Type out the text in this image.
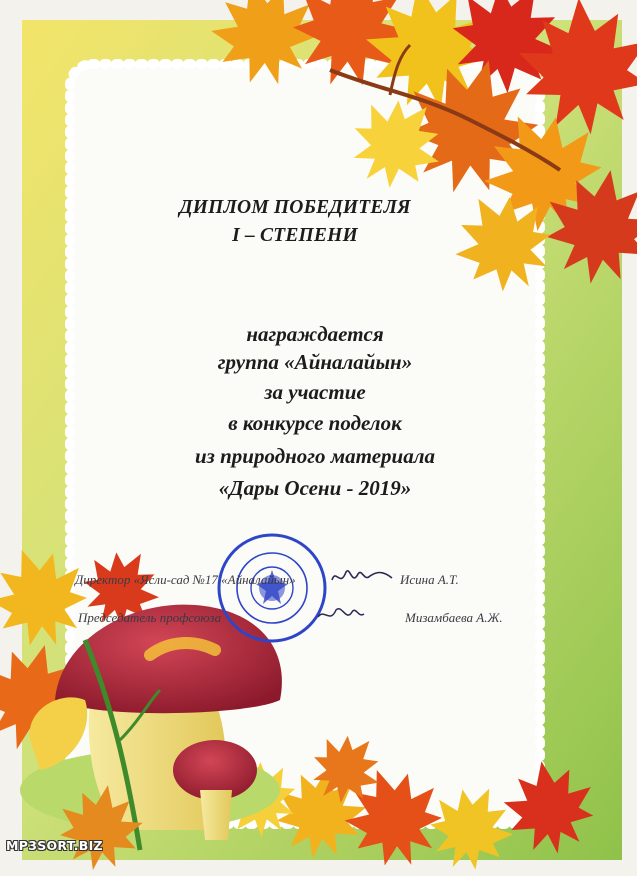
ДИПЛОМ ПОБЕДИТЕЛЯ
I – СТЕПЕНИ
награждается
группа «Айналайын»
за участие
в конкурсе поделок
из природного материала
«Дары Осени - 2019»
Директор «Ясли-сад №17 «Айналайын»	Исина А.Т.
Председатель профсоюза	Мизамбаева А.Ж.
MP3SORT.BIZ
